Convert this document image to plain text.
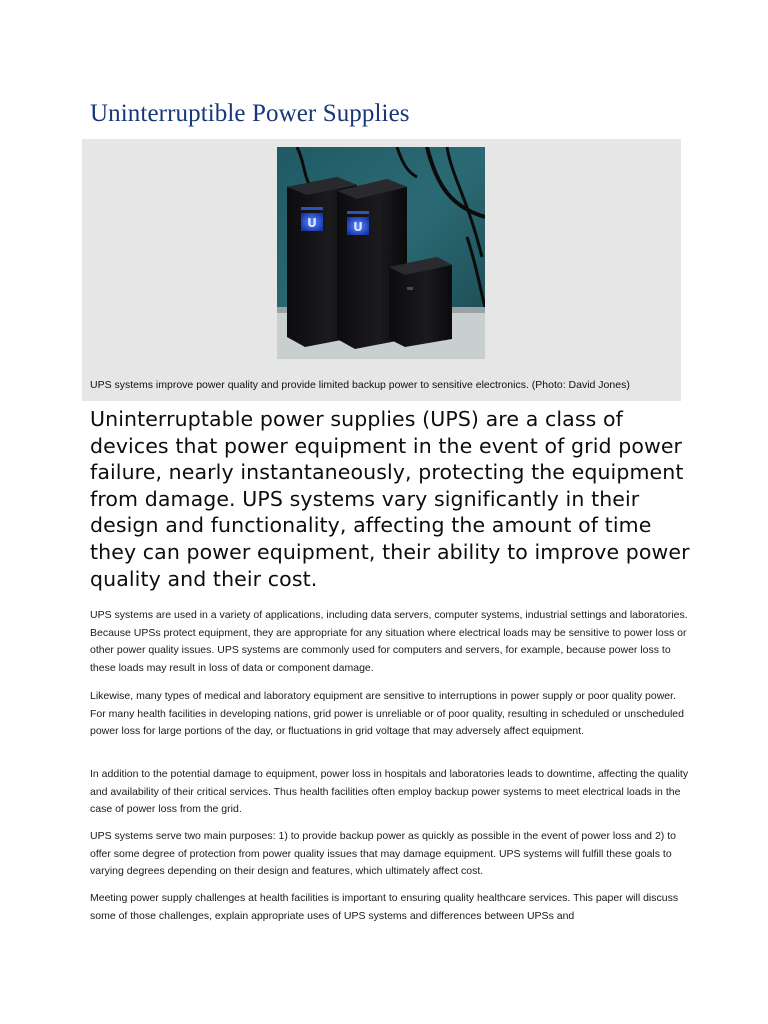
Uninterruptible Power Supplies
U	U
UPS systems improve power quality and provide limited backup power to sensitive electronics. (Photo: David Jones)

Uninterruptable power supplies (UPS) are a class of devices that power equipment in the event of grid power failure, nearly instantaneously, protecting the equipment from damage. UPS systems vary significantly in their design and functionality, affecting the amount of time they can power equipment, their ability to improve power quality and their cost.

UPS systems are used in a variety of applications, including data servers, computer systems, industrial settings and laboratories. Because UPSs protect equipment, they are appropriate for any situation where electrical loads may be sensitive to power loss or other power quality issues. UPS systems are commonly used for computers and servers, for example, because power loss to these loads may result in loss of data or component damage.

Likewise, many types of medical and laboratory equipment are sensitive to interruptions in power supply or poor quality power. For many health facilities in developing nations, grid power is unreliable or of poor quality, resulting in scheduled or unscheduled power loss for large portions of the day, or fluctuations in grid voltage that may adversely affect equipment.

In addition to the potential damage to equipment, power loss in hospitals and laboratories leads to downtime, affecting the quality and availability of their critical services. Thus health facilities often employ backup power systems to meet electrical loads in the case of power loss from the grid.

UPS systems serve two main purposes: 1) to provide backup power as quickly as possible in the event of power loss and 2) to offer some degree of protection from power quality issues that may damage equipment. UPS systems will fulfill these goals to varying degrees depending on their design and features, which ultimately affect cost.

Meeting power supply challenges at health facilities is important to ensuring quality healthcare services. This paper will discuss some of those challenges, explain appropriate uses of UPS systems and differences between UPSs and
